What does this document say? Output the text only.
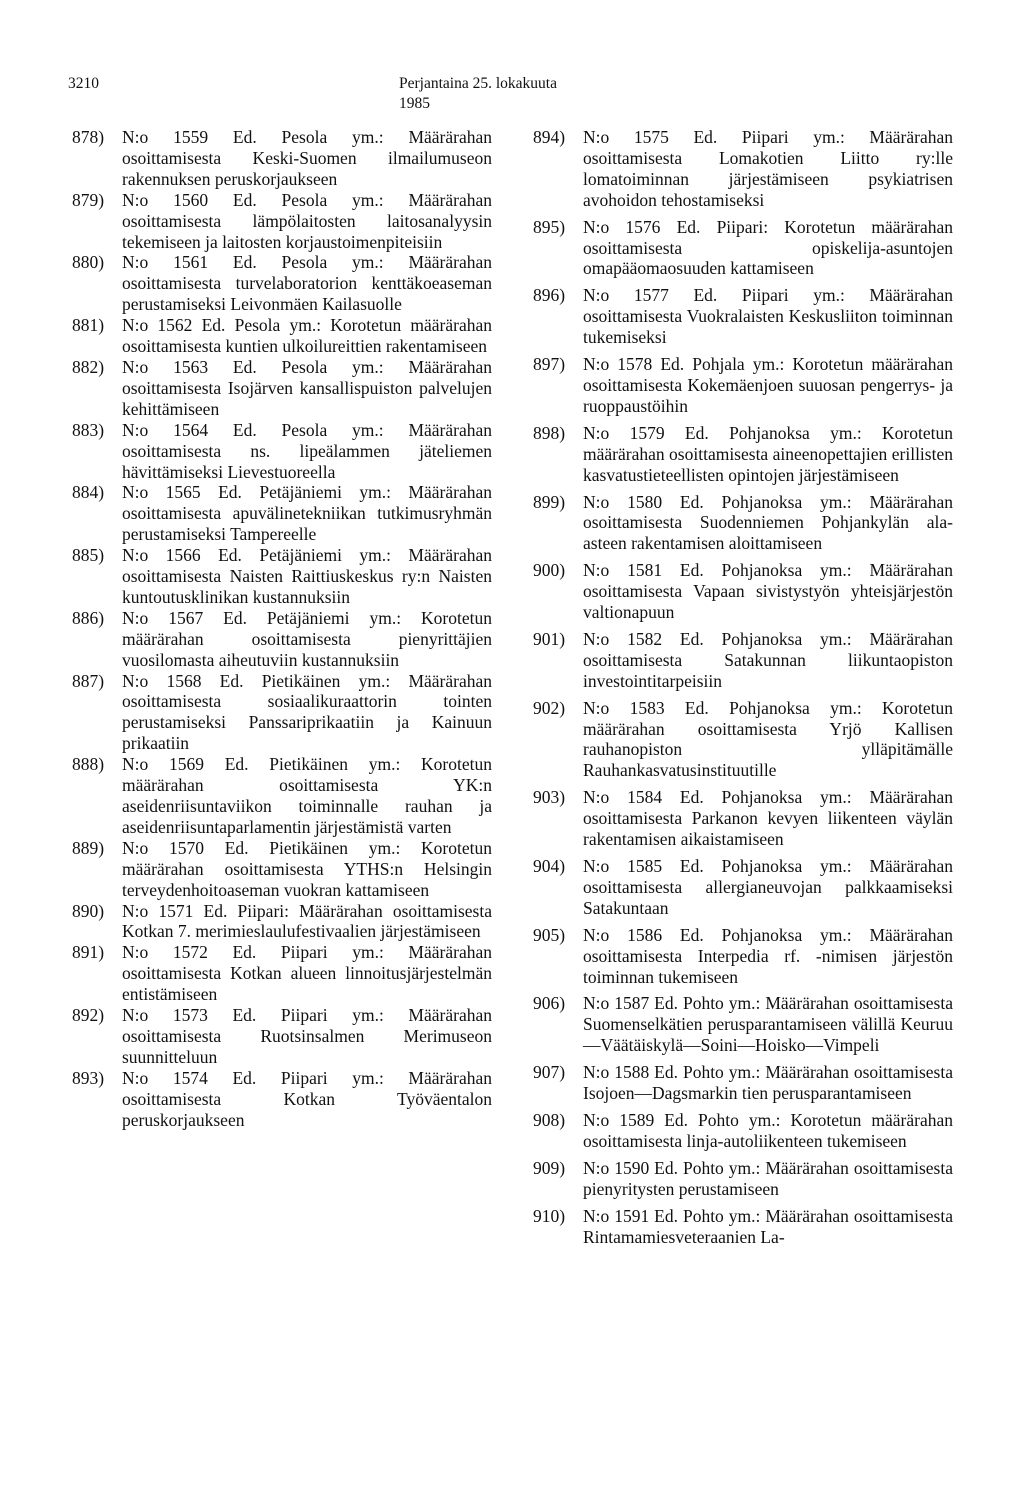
3210	Perjantaina 25. lokakuuta 1985
878) N:o 1559 Ed. Pesola ym.: Määrärahan osoittamisesta Keski-Suomen ilmailumuseon rakennuksen peruskorjaukseen
879) N:o 1560 Ed. Pesola ym.: Määrärahan osoittamisesta lämpölaitosten laitosanalyysin tekemiseen ja laitosten korjaustoimenpiteisiin
880) N:o 1561 Ed. Pesola ym.: Määrärahan osoittamisesta turvelaboratorion kenttäkoeaseman perustamiseksi Leivonmäen Kailasuolle
881) N:o 1562 Ed. Pesola ym.: Korotetun määrärahan osoittamisesta kuntien ulkoilureittien rakentamiseen
882) N:o 1563 Ed. Pesola ym.: Määrärahan osoittamisesta Isojärven kansallispuiston palvelujen kehittämiseen
883) N:o 1564 Ed. Pesola ym.: Määrärahan osoittamisesta ns. lipeälammen jäteliemen hävittämiseksi Lievestuoreella
884) N:o 1565 Ed. Petäjäniemi ym.: Määrärahan osoittamisesta apuvälinetekniikan tutkimusryhmän perustamiseksi Tampereelle
885) N:o 1566 Ed. Petäjäniemi ym.: Määrärahan osoittamisesta Naisten Raittiuskeskus ry:n Naisten kuntoutusklinikan kustannuksiin
886) N:o 1567 Ed. Petäjäniemi ym.: Korotetun määrärahan osoittamisesta pienyrittäjien vuosilomasta aiheutuviin kustannuksiin
887) N:o 1568 Ed. Pietikäinen ym.: Määrärahan osoittamisesta sosiaalikuraattorin tointen perustamiseksi Panssariprikaatiin ja Kainuun prikaatiin
888) N:o 1569 Ed. Pietikäinen ym.: Korotetun määrärahan osoittamisesta YK:n aseidenriisuntaviikon toiminnalle rauhan ja aseidenriisuntaparlamentin järjestämistä varten
889) N:o 1570 Ed. Pietikäinen ym.: Korotetun määrärahan osoittamisesta YTHS:n Helsingin terveydenhoitoaseman vuokran kattamiseen
890) N:o 1571 Ed. Piipari: Määrärahan osoittamisesta Kotkan 7. merimieslaulufestivaalien järjestämiseen
891) N:o 1572 Ed. Piipari ym.: Määrärahan osoittamisesta Kotkan alueen linnoitusjärjestelmän entistämiseen
892) N:o 1573 Ed. Piipari ym.: Määrärahan osoittamisesta Ruotsinsalmen Merimuseon suunnitteluun
893) N:o 1574 Ed. Piipari ym.: Määrärahan osoittamisesta Kotkan Työväentalon peruskorjaukseen
894) N:o 1575 Ed. Piipari ym.: Määrärahan osoittamisesta Lomakotien Liitto ry:lle lomatoiminnan järjestämiseen psykiatrisen avohoidon tehostamiseksi
895) N:o 1576 Ed. Piipari: Korotetun määrärahan osoittamisesta opiskelija-asuntojen omapääomaosuuden kattamiseen
896) N:o 1577 Ed. Piipari ym.: Määrärahan osoittamisesta Vuokralaisten Keskusliiton toiminnan tukemiseksi
897) N:o 1578 Ed. Pohjala ym.: Korotetun määrärahan osoittamisesta Kokemäenjoen suuosan pengerrys- ja ruoppaustöihin
898) N:o 1579 Ed. Pohjanoksa ym.: Korotetun määrärahan osoittamisesta aineenopettajien erillisten kasvatustieteellisten opintojen järjestämiseen
899) N:o 1580 Ed. Pohjanoksa ym.: Määrärahan osoittamisesta Suodenniemen Pohjankylän ala-asteen rakentamisen aloittamiseen
900) N:o 1581 Ed. Pohjanoksa ym.: Määrärahan osoittamisesta Vapaan sivistystyön yhteisjärjestön valtionapuun
901) N:o 1582 Ed. Pohjanoksa ym.: Määrärahan osoittamisesta Satakunnan liikuntaopiston investointitarpeisiin
902) N:o 1583 Ed. Pohjanoksa ym.: Korotetun määrärahan osoittamisesta Yrjö Kallisen rauhanopiston ylläpitämälle Rauhankasvatusinstituutille
903) N:o 1584 Ed. Pohjanoksa ym.: Määrärahan osoittamisesta Parkanon kevyen liikenteen väylän rakentamisen aikaistamiseen
904) N:o 1585 Ed. Pohjanoksa ym.: Määrärahan osoittamisesta allergianeuvojan palkkaamiseksi Satakuntaan
905) N:o 1586 Ed. Pohjanoksa ym.: Määrärahan osoittamisesta Interpedia rf. -nimisen järjestön toiminnan tukemiseen
906) N:o 1587 Ed. Pohto ym.: Määrärahan osoittamisesta Suomenselkätien perusparantamiseen välillä Keuruu—Väätäiskylä—Soini—Hoisko—Vimpeli
907) N:o 1588 Ed. Pohto ym.: Määrärahan osoittamisesta Isojoen—Dagsmarkin tien perusparantamiseen
908) N:o 1589 Ed. Pohto ym.: Korotetun määrärahan osoittamisesta linja-autoliikenteen tukemiseen
909) N:o 1590 Ed. Pohto ym.: Määrärahan osoittamisesta pienyritysten perustamiseen
910) N:o 1591 Ed. Pohto ym.: Määrärahan osoittamisesta Rintamamiesveteraanien La-
